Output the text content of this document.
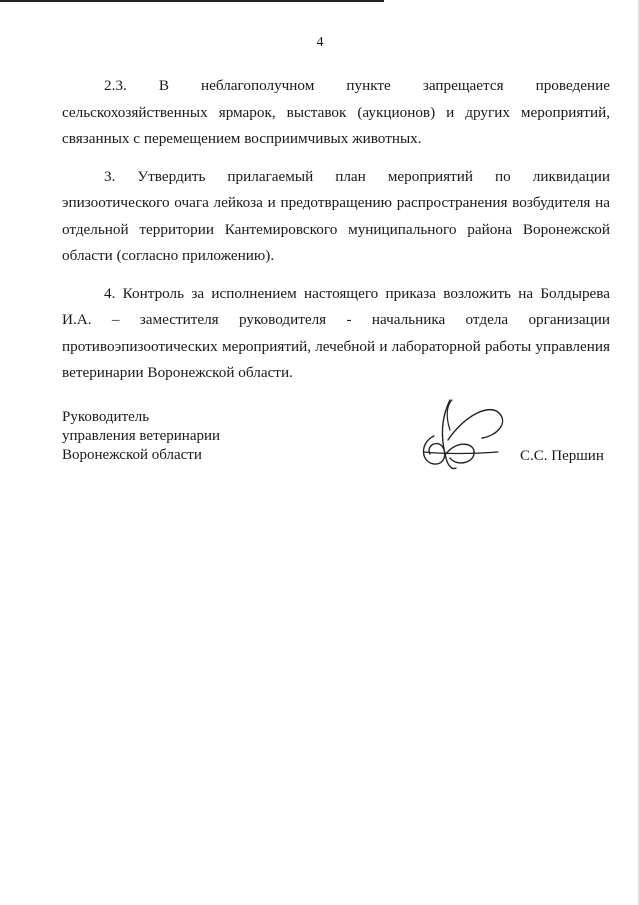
4

2.3. В неблагополучном пункте запрещается проведение сельскохозяйственных ярмарок, выставок (аукционов) и других мероприятий, связанных с перемещением восприимчивых животных.

3. Утвердить прилагаемый план мероприятий по ликвидации эпизоотического очага лейкоза и предотвращению распространения возбудителя на отдельной территории Кантемировского муниципального района Воронежской области (согласно приложению).

4. Контроль за исполнением настоящего приказа возложить на Болдырева И.А. – заместителя руководителя - начальника отдела организации противоэпизоотических мероприятий, лечебной и лабораторной работы управления ветеринарии Воронежской области.

Руководитель
управления ветеринарии
Воронежской области	С.С. Першин
